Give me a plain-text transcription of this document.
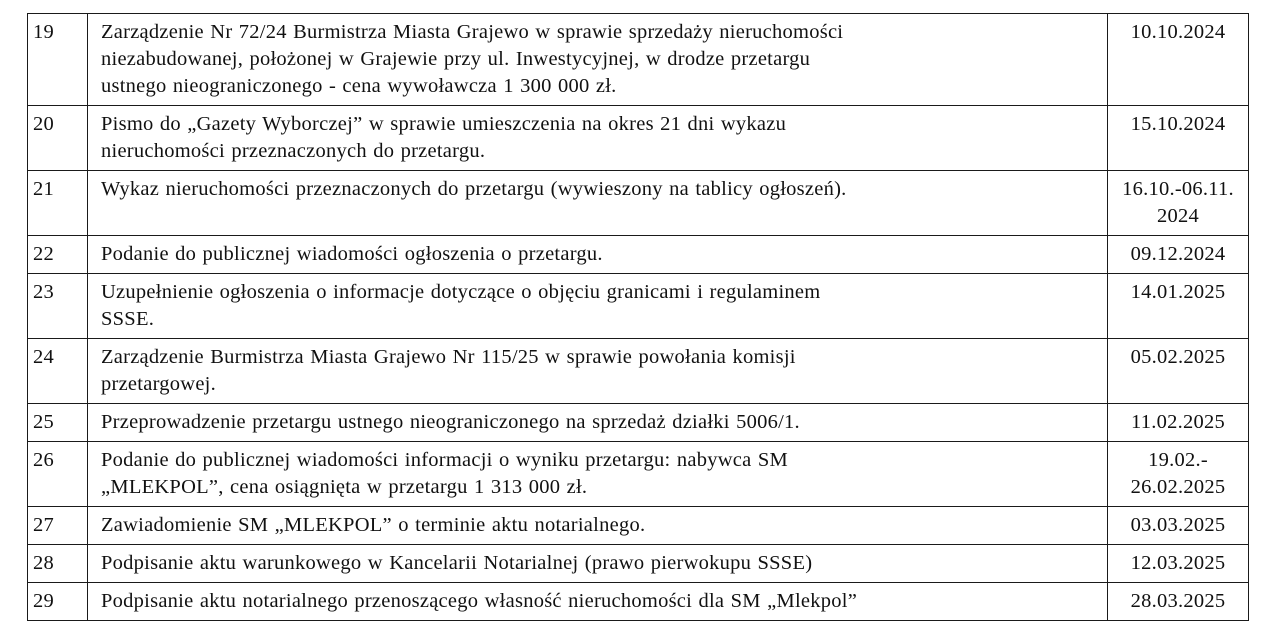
19	Zarządzenie Nr 72/24 Burmistrza Miasta Grajewo w sprawie sprzedaży nieruchomości
niezabudowanej, położonej w Grajewie przy ul. Inwestycyjnej, w drodze przetargu
ustnego nieograniczonego - cena wywoławcza 1 300 000 zł.	10.10.2024

20	Pismo do „Gazety Wyborczej” w sprawie umieszczenia na okres 21 dni wykazu
nieruchomości przeznaczonych do przetargu.	15.10.2024

21	Wykaz nieruchomości przeznaczonych do przetargu (wywieszony na tablicy ogłoszeń).	16.10.-06.11.
2024

22	Podanie do publicznej wiadomości ogłoszenia o przetargu.	09.12.2024

23	Uzupełnienie ogłoszenia o informacje dotyczące o objęciu granicami i regulaminem
SSSE.	14.01.2025

24	Zarządzenie Burmistrza Miasta Grajewo Nr 115/25 w sprawie powołania komisji
przetargowej.	05.02.2025

25	Przeprowadzenie przetargu ustnego nieograniczonego na sprzedaż działki 5006/1.	11.02.2025

26	Podanie do publicznej wiadomości informacji o wyniku przetargu: nabywca SM
„MLEKPOL”, cena osiągnięta w przetargu 1 313 000 zł.	19.02.-
26.02.2025

27	Zawiadomienie SM „MLEKPOL” o terminie aktu notarialnego.	03.03.2025

28	Podpisanie aktu warunkowego w Kancelarii Notarialnej (prawo pierwokupu SSSE)	12.03.2025

29	Podpisanie aktu notarialnego przenoszącego własność nieruchomości dla SM „Mlekpol”	28.03.2025
